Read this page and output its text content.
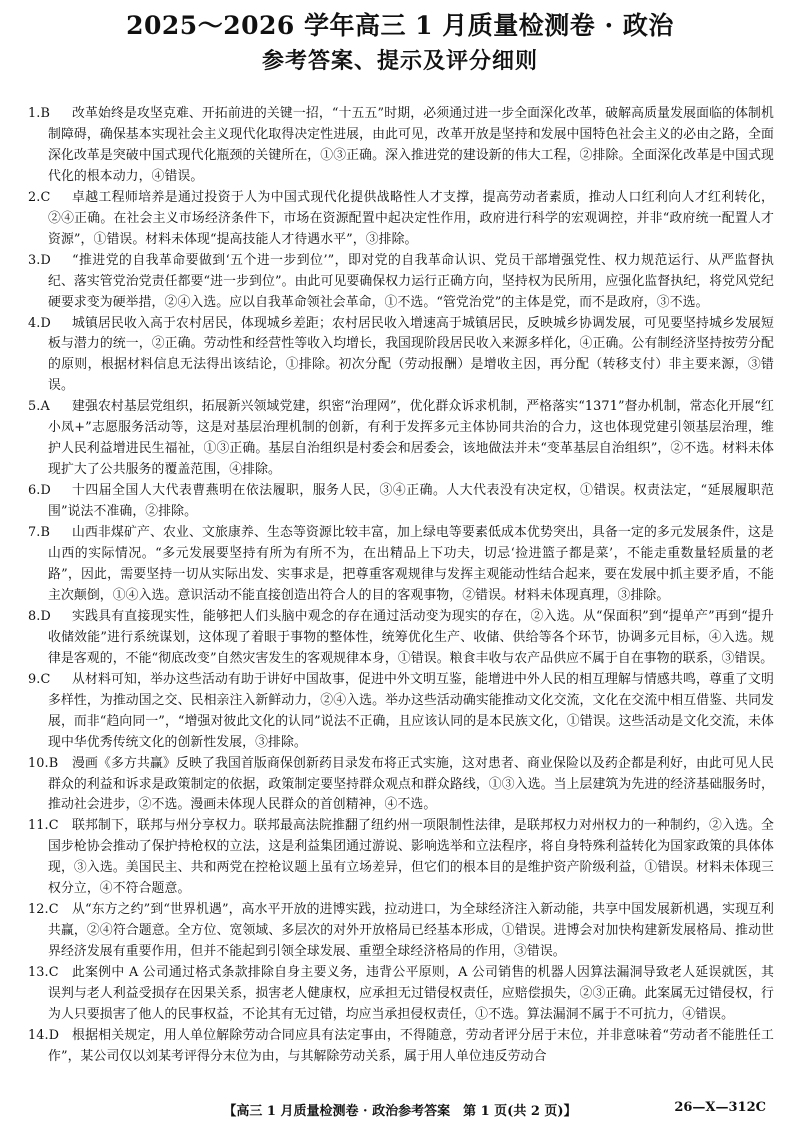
2025～2026 学年高三 1 月质量检测卷 · 政治
参考答案、提示及评分细则
1.B	改革始终是攻坚克难、开拓前进的关键一招，“十五五”时期，必须通过进一步全面深化改革，破解高质量发展面临的体制机制障碍，确保基本实现社会主义现代化取得决定性进展，由此可见，改革开放是坚持和发展中国特色社会主义的必由之路，全面深化改革是突破中国式现代化瓶颈的关键所在，①③正确。深入推进党的建设新的伟大工程，②排除。全面深化改革是中国式现代化的根本动力，④错误。
2.C	卓越工程师培养是通过投资于人为中国式现代化提供战略性人才支撑，提高劳动者素质，推动人口红利向人才红利转化，②④正确。在社会主义市场经济条件下，市场在资源配置中起决定性作用，政府进行科学的宏观调控，并非“政府统一配置人才资源”，①错误。材料未体现“提高技能人才待遇水平”，③排除。
3.D	“推进党的自我革命要做到‘五个进一步到位’”，即对党的自我革命认识、党员干部增强党性、权力规范运行、从严监督执纪、落实管党治党责任都要“进一步到位”。由此可见要确保权力运行正确方向，坚持权为民所用，应强化监督执纪，将党风党纪硬要求变为硬举措，②④入选。应以自我革命领社会革命，①不选。“管党治党”的主体是党，而不是政府，③不选。
4.D	城镇居民收入高于农村居民，体现城乡差距；农村居民收入增速高于城镇居民，反映城乡协调发展，可见要坚持城乡发展短板与潜力的统一，②正确。劳动性和经营性等收入均增长，我国现阶段居民收入来源多样化，④正确。公有制经济坚持按劳分配的原则，根据材料信息无法得出该结论，①排除。初次分配（劳动报酬）是增收主因，再分配（转移支付）非主要来源，③错误。
5.A	建强农村基层党组织，拓展新兴领域党建，织密“治理网”，优化群众诉求机制，严格落实“1371”督办机制，常态化开展“红小凤+”志愿服务活动等，这是对基层治理机制的创新，有利于发挥多元主体协同共治的合力，这也体现党建引领基层治理，维护人民利益增进民生福祉，①③正确。基层自治组织是村委会和居委会，该地做法并未“变革基层自治组织”，②不选。材料未体现扩大了公共服务的覆盖范围，④排除。
6.D	十四届全国人大代表曹燕明在依法履职，服务人民，③④正确。人大代表没有决定权，①错误。权责法定，“延展履职范围”说法不准确，②排除。
7.B	山西非煤矿产、农业、文旅康养、生态等资源比较丰富，加上绿电等要素低成本优势突出，具备一定的多元发展条件，这是山西的实际情况。“多元发展要坚持有所为有所不为，在出精品上下功夫，切忌‘捡进篮子都是菜’，不能走重数量轻质量的老路”，因此，需要坚持一切从实际出发、实事求是，把尊重客观规律与发挥主观能动性结合起来，要在发展中抓主要矛盾，不能主次颠倒，①④入选。意识活动不能直接创造出符合人的目的客观事物，②错误。材料未体现真理，③排除。
8.D	实践具有直接现实性，能够把人们头脑中观念的存在通过活动变为现实的存在，②入选。从“保面积”到“提单产”再到“提升收储效能”进行系统谋划，这体现了着眼于事物的整体性，统筹优化生产、收储、供给等各个环节，协调多元目标，④入选。规律是客观的，不能“彻底改变”自然灾害发生的客观规律本身，①错误。粮食丰收与农产品供应不属于自在事物的联系，③错误。
9.C	从材料可知，举办这些活动有助于讲好中国故事，促进中外文明互鉴，能增进中外人民的相互理解与情感共鸣，尊重了文明多样性，为推动国之交、民相亲注入新鲜动力，②④入选。举办这些活动确实能推动文化交流，文化在交流中相互借鉴、共同发展，而非“趋向同一”，“增强对彼此文化的认同”说法不正确，且应该认同的是本民族文化，①错误。这些活动是文化交流，未体现中华优秀传统文化的创新性发展，③排除。
10.B	漫画《多方共赢》反映了我国首版商保创新药目录发布将正式实施，这对患者、商业保险以及药企都是利好，由此可见人民群众的利益和诉求是政策制定的依据，政策制定要坚持群众观点和群众路线，①③入选。当上层建筑为先进的经济基础服务时，推动社会进步，②不选。漫画未体现人民群众的首创精神，④不选。
11.C	联邦制下，联邦与州分享权力。联邦最高法院推翻了纽约州一项限制性法律，是联邦权力对州权力的一种制约，②入选。全国步枪协会推动了保护持枪权的立法，这是利益集团通过游说、影响选举和立法程序，将自身特殊利益转化为国家政策的具体体现，③入选。美国民主、共和两党在控枪议题上虽有立场差异，但它们的根本目的是维护资产阶级利益，①错误。材料未体现三权分立，④不符合题意。
12.C	从“东方之约”到“世界机遇”，高水平开放的进博实践，拉动进口，为全球经济注入新动能，共享中国发展新机遇，实现互利共赢，②④符合题意。全方位、宽领域、多层次的对外开放格局已经基本形成，①错误。进博会对加快构建新发展格局、推动世界经济发展有重要作用，但并不能起到引领全球发展、重塑全球经济格局的作用，③错误。
13.C	此案例中 A 公司通过格式条款排除自身主要义务，违背公平原则，A 公司销售的机器人因算法漏洞导致老人延误就医，其误判与老人利益受损存在因果关系，损害老人健康权，应承担无过错侵权责任，应赔偿损失，②③正确。此案属无过错侵权，行为人只要损害了他人的民事权益，不论其有无过错，均应当承担侵权责任，①不选。算法漏洞不属于不可抗力，④错误。
14.D	根据相关规定，用人单位解除劳动合同应具有法定事由，不得随意，劳动者评分居于末位，并非意味着“劳动者不能胜任工作”，某公司仅以刘某考评得分末位为由，与其解除劳动关系，属于用人单位违反劳动合
【高三 1 月质量检测卷 · 政治参考答案　第 1 页(共 2 页)】	26—X—312C
